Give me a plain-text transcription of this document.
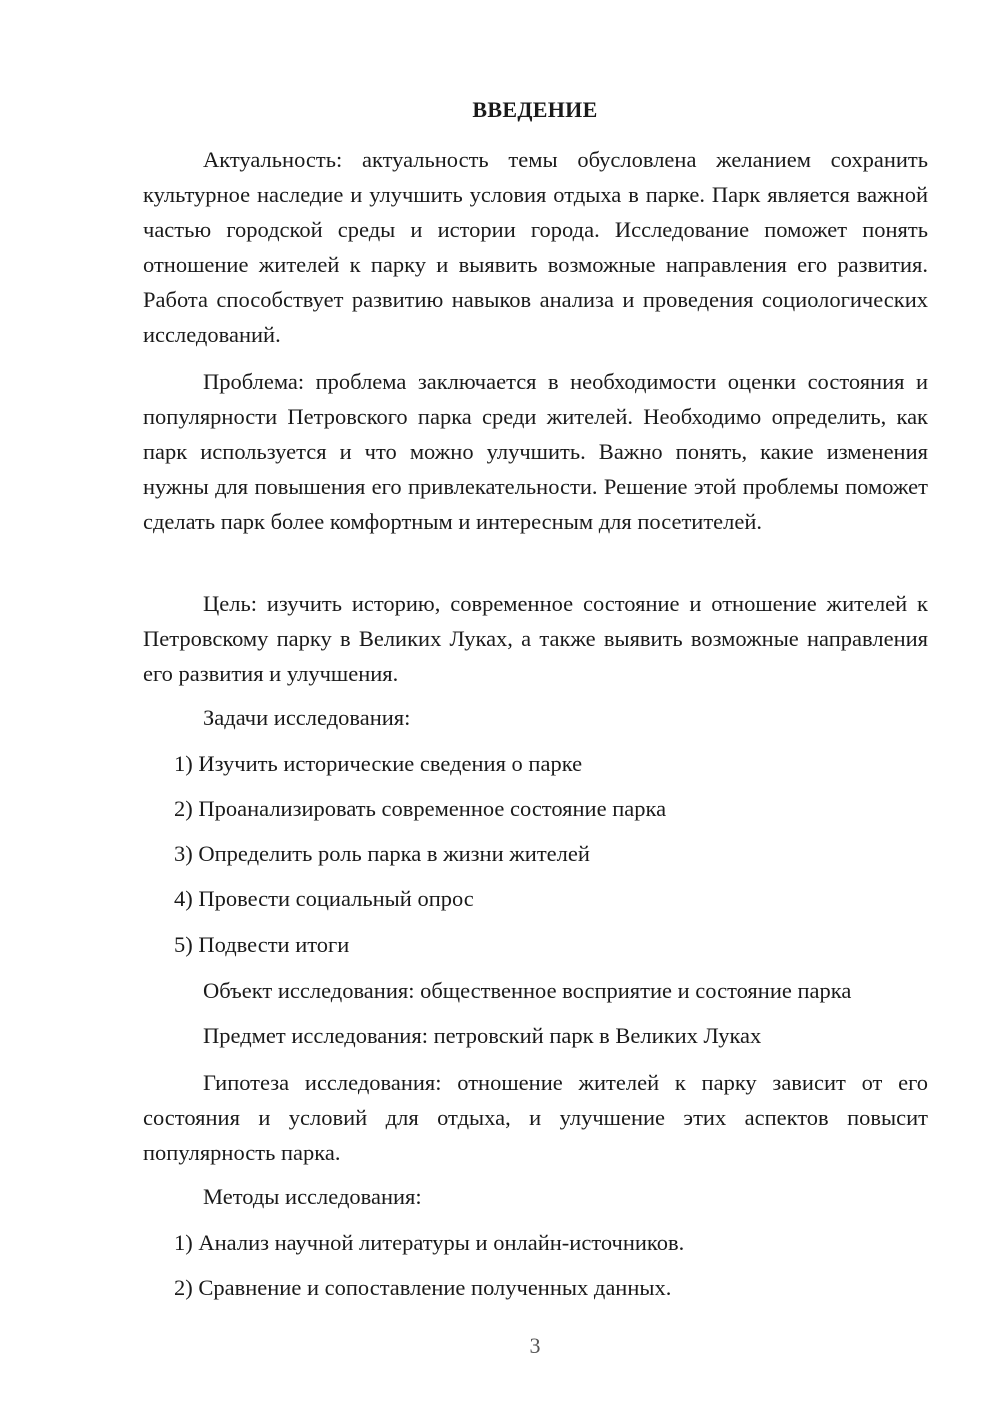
ВВЕДЕНИЕ

Актуальность: актуальность темы обусловлена желанием сохранить культурное наследие и улучшить условия отдыха в парке. Парк является важной частью городской среды и истории города. Исследование поможет понять отношение жителей к парку и выявить возможные направления его развития. Работа способствует развитию навыков анализа и проведения социологических исследований.

Проблема: проблема заключается в необходимости оценки состояния и популярности Петровского парка среди жителей. Необходимо определить, как парк используется и что можно улучшить. Важно понять, какие изменения нужны для повышения его привлекательности. Решение этой проблемы поможет сделать парк более комфортным и интересным для посетителей.

Цель: изучить историю, современное состояние и отношение жителей к Петровскому парку в Великих Луках, а также выявить возможные направления его развития и улучшения.

Задачи исследования:

1) Изучить исторические сведения о парке

2) Проанализировать современное состояние парка

3) Определить роль парка в жизни жителей

4) Провести социальный опрос

5) Подвести итоги

Объект исследования: общественное восприятие и состояние парка

Предмет исследования: петровский парк в Великих Луках

Гипотеза исследования: отношение жителей к парку зависит от его состояния и условий для отдыха, и улучшение этих аспектов повысит популярность парка.

Методы исследования:

1) Анализ научной литературы и онлайн-источников.

2) Сравнение и сопоставление полученных данных.

3
